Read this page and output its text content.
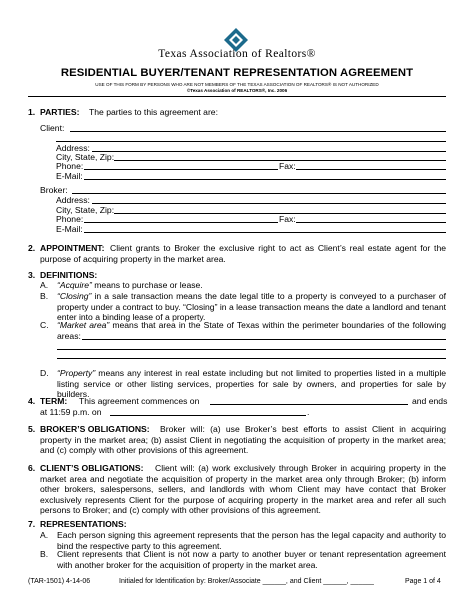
Texas Association of Realtors®
RESIDENTIAL BUYER/TENANT REPRESENTATION AGREEMENT
USE OF THIS FORM BY PERSONS WHO ARE NOT MEMBERS OF THE TEXAS ASSOCIATION OF REALTORS® IS NOT AUTHORIZED
©Texas Association of REALTORS®, Inc. 2006
1. PARTIES: The parties to this agreement are:
Client:
Address:
City, State, Zip:
Phone:	Fax:
E-Mail:
Broker:
Address:
City, State, Zip:
Phone:	Fax:
E-Mail:
2.	Client grants to Broker the exclusive right to act as Client’s real estate agent for the purpose of acquiring property in the market area.
APPOINTMENT:
3. DEFINITIONS:
A. “Acquire” means to purchase or lease.
B. “Closing” in a sale transaction means the date legal title to a property is conveyed to a purchaser of property under a contract to buy. “Closing” in a lease transaction means the date a landlord and tenant enter into a binding lease of a property.
C. “Market area” means that area in the State of Texas within the perimeter boundaries of the following areas:
D. “Property” means any interest in real estate including but not limited to properties listed in a multiple listing service or other listing services, properties for sale by owners, and properties for sale by builders.
4. TERM: This agreement commences on	and ends
at 11:59 p.m. on	.
5.	Broker will: (a) use Broker’s best efforts to assist Client in acquiring property in the market area; (b) assist Client in negotiating the acquisition of property in the market area; and (c) comply with other provisions of this agreement.
BROKER’S OBLIGATIONS:
6.	Client will: (a) work exclusively through Broker in acquiring property in the market area and negotiate the acquisition of property in the market area only through Broker; (b) inform other brokers, salespersons, sellers, and landlords with whom Client may have contact that Broker exclusively represents Client for the purpose of acquiring property in the market area and refer all such persons to Broker; and (c) comply with other provisions of this agreement.
CLIENT’S OBLIGATIONS:
7. REPRESENTATIONS:
A. Each person signing this agreement represents that the person has the legal capacity and authority to bind the respective party to this agreement.
B. Client represents that Client is not now a party to another buyer or tenant representation agreement with another broker for the acquisition of property in the market area.
(TAR-1501) 4-14-06	Initialed for Identification by: Broker/Associate ______, and Client ______, ______	Page 1 of 4
